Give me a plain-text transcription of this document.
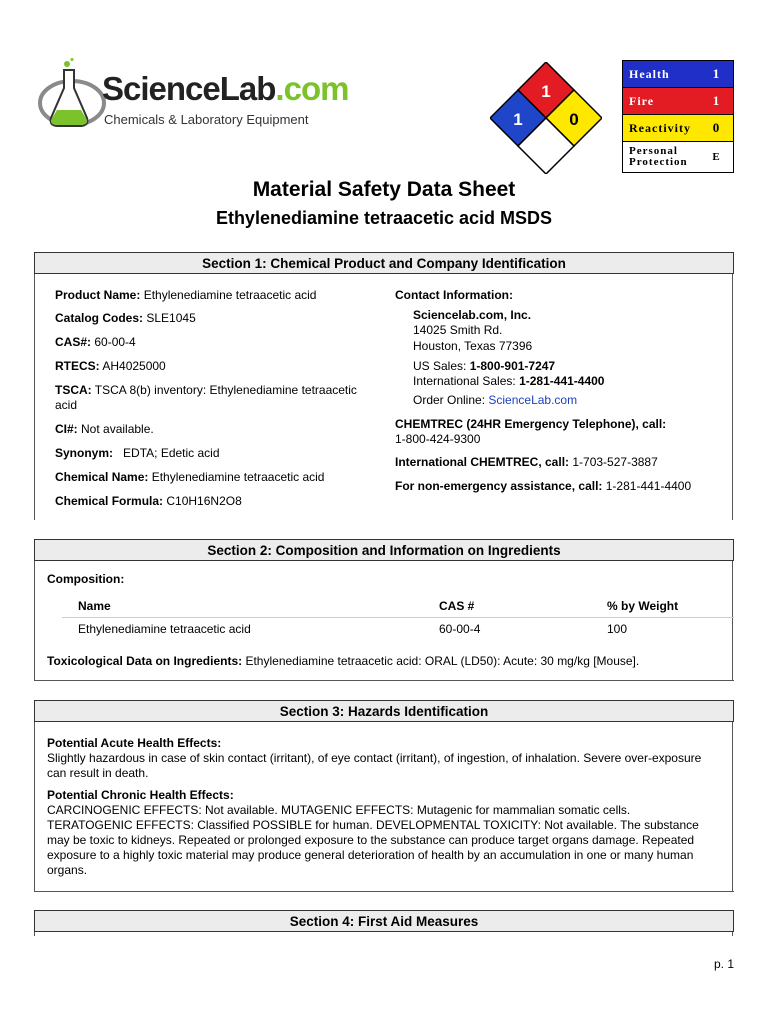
ScienceLab.com
Chemicals & Laboratory Equipment
1
1	0
Health	1
Fire	1
Reactivity	0
Personal
Protection	E
Material Safety Data Sheet
Ethylenediamine tetraacetic acid MSDS
Section 1: Chemical Product and Company Identification
Product Name: Ethylenediamine tetraacetic acid
Catalog Codes: SLE1045
CAS#: 60-00-4
RTECS: AH4025000
TSCA: TSCA 8(b) inventory: Ethylenediamine tetraacetic
acid
CI#: Not available.
Synonym: EDTA; Edetic acid
Chemical Name: Ethylenediamine tetraacetic acid
Chemical Formula: C10H16N2O8
Contact Information:
Sciencelab.com, Inc.
14025 Smith Rd.
Houston, Texas 77396
US Sales: 1-800-901-7247
International Sales: 1-281-441-4400
Order Online: ScienceLab.com
CHEMTREC (24HR Emergency Telephone), call:
1-800-424-9300
International CHEMTREC, call: 1-703-527-3887
For non-emergency assistance, call: 1-281-441-4400
Section 2: Composition and Information on Ingredients
Composition:
Name	CAS #	% by Weight
Ethylenediamine tetraacetic acid	60-00-4	100
Toxicological Data on Ingredients: Ethylenediamine tetraacetic acid: ORAL (LD50): Acute: 30 mg/kg [Mouse].
Section 3: Hazards Identification
Potential Acute Health Effects:
Slightly hazardous in case of skin contact (irritant), of eye contact (irritant), of ingestion, of inhalation. Severe over-exposure
can result in death.
Potential Chronic Health Effects:
CARCINOGENIC EFFECTS: Not available. MUTAGENIC EFFECTS: Mutagenic for mammalian somatic cells.
TERATOGENIC EFFECTS: Classified POSSIBLE for human. DEVELOPMENTAL TOXICITY: Not available. The substance
may be toxic to kidneys. Repeated or prolonged exposure to the substance can produce target organs damage. Repeated
exposure to a highly toxic material may produce general deterioration of health by an accumulation in one or many human
organs.
Section 4: First Aid Measures
p. 1
